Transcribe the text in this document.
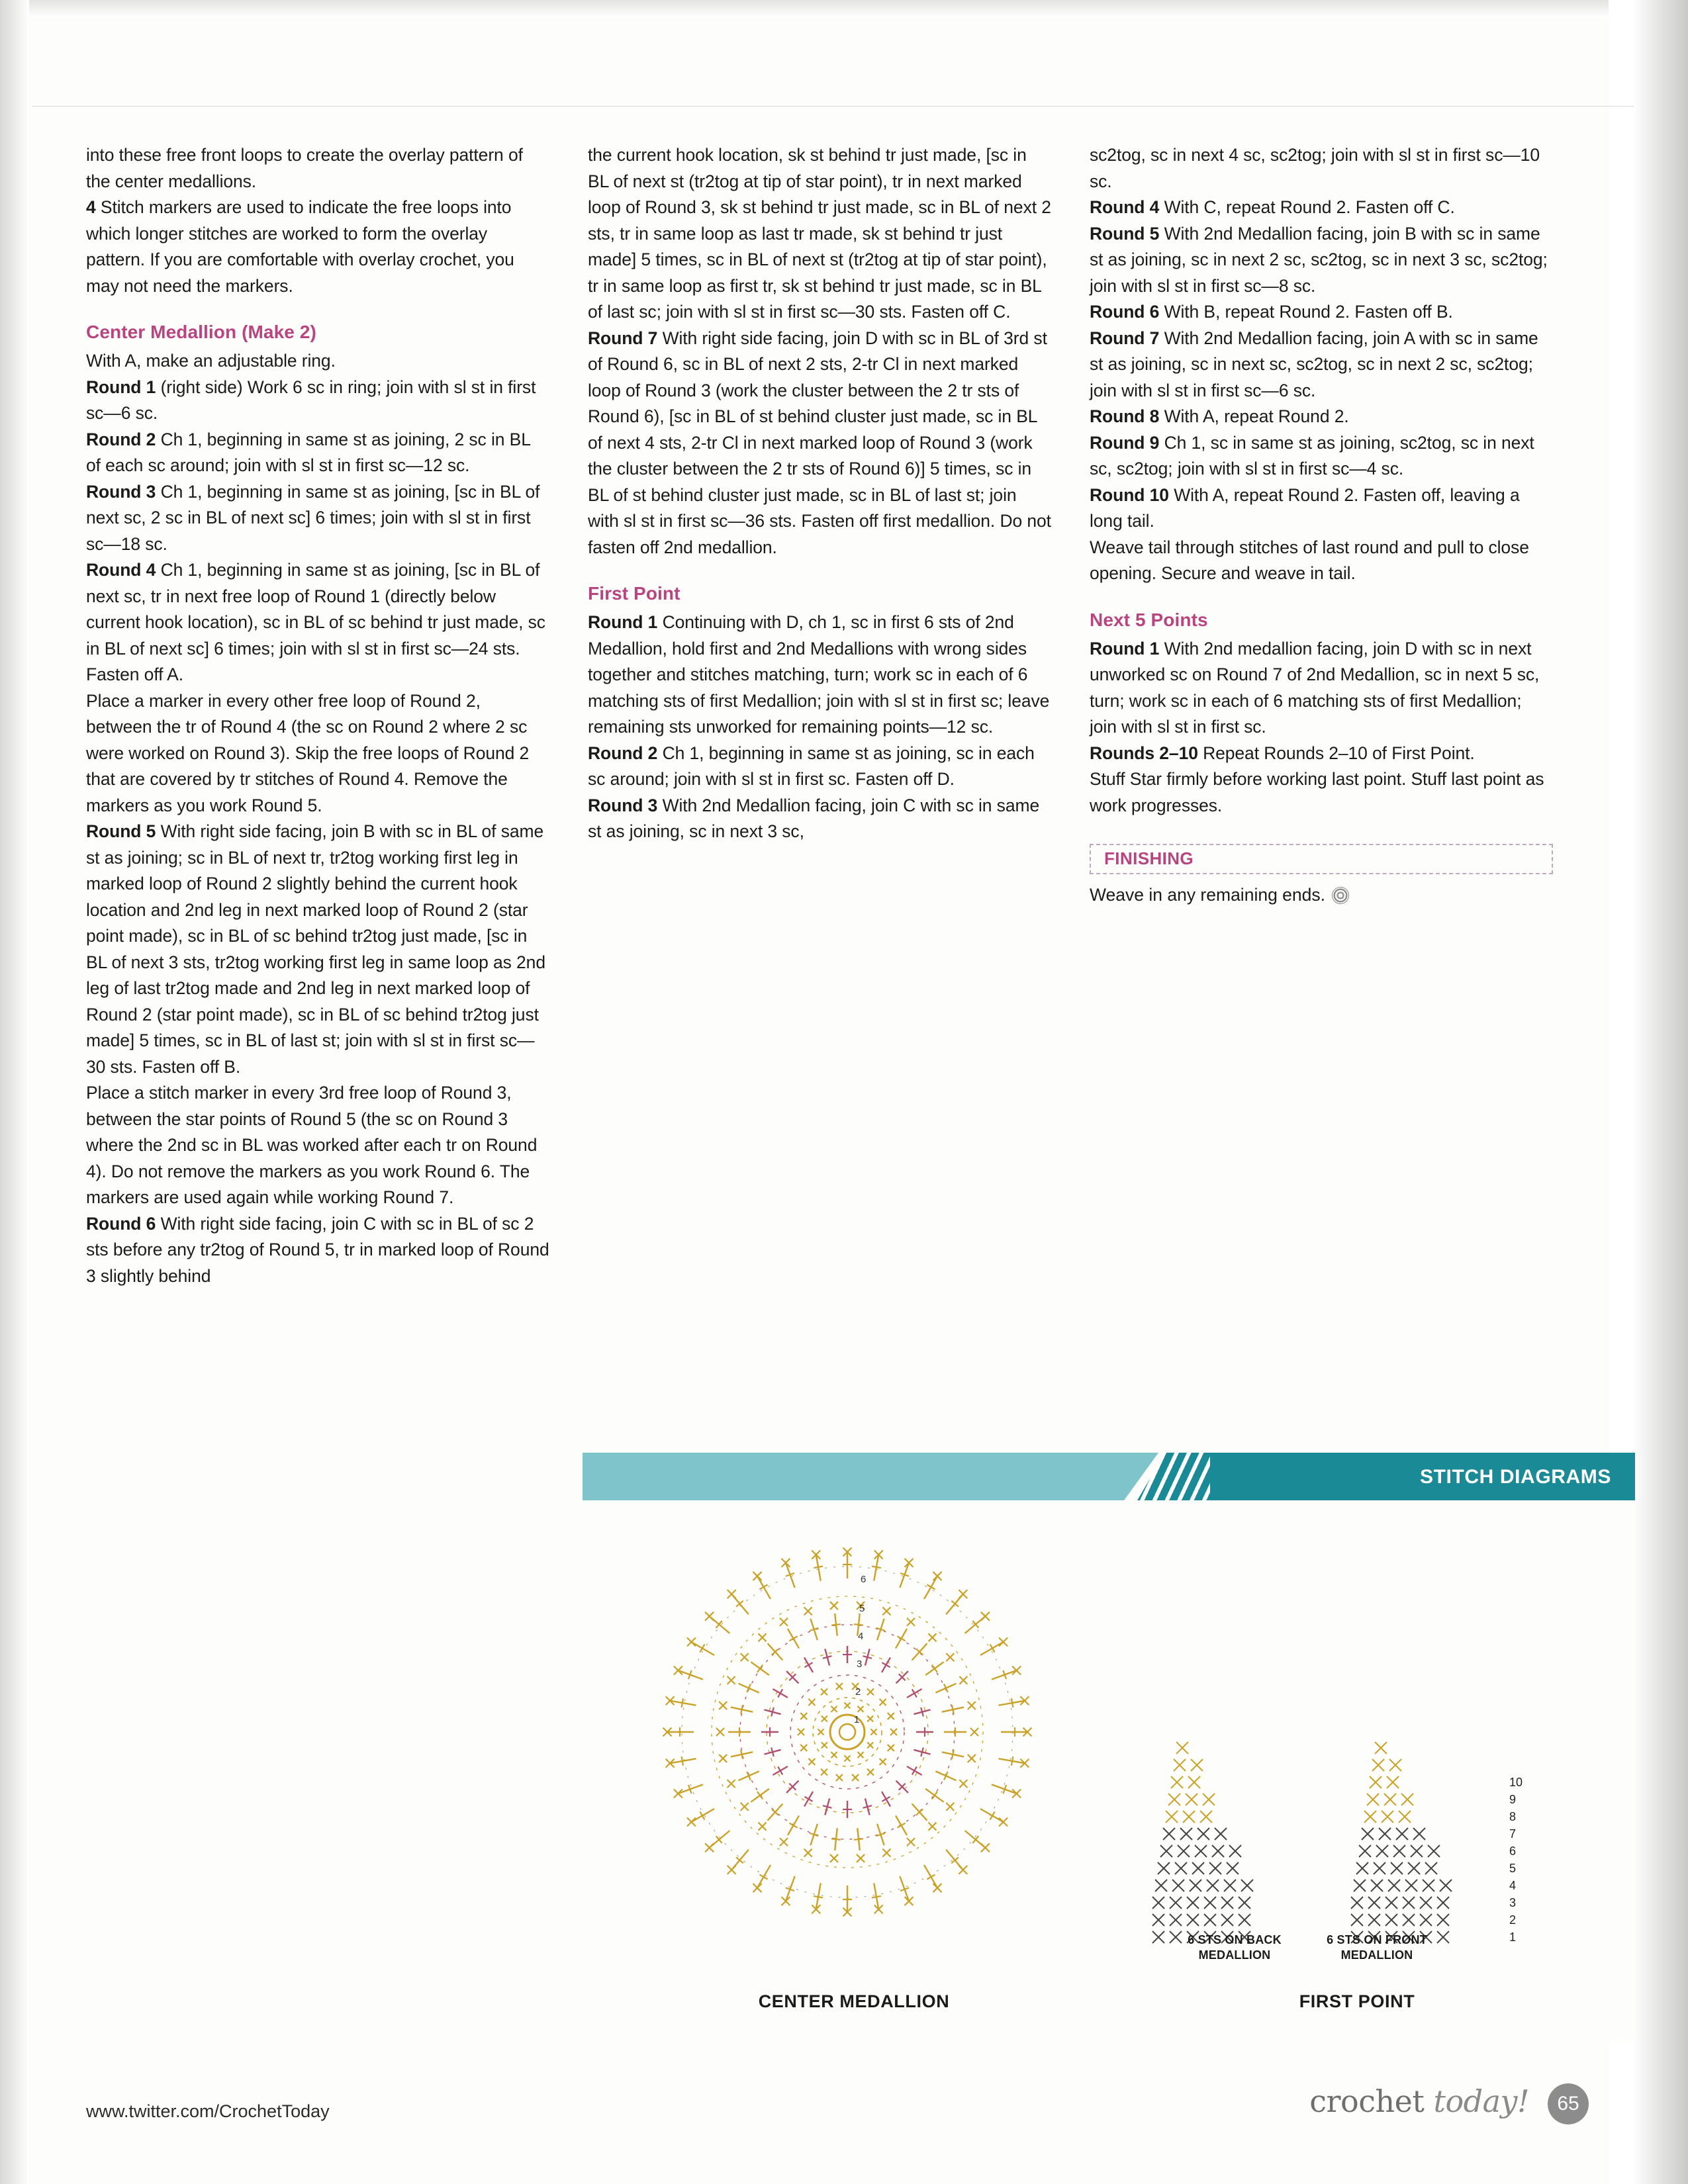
into these free front loops to create the overlay pattern of the center medallions.

4 Stitch markers are used to indicate the free loops into which longer stitches are worked to form the overlay pattern. If you are comfortable with overlay crochet, you may not need the markers.

Center Medallion (Make 2)

With A, make an adjustable ring.

Round 1 (right side) Work 6 sc in ring; join with sl st in first sc—6 sc.

Round 2 Ch 1, beginning in same st as joining, 2 sc in BL of each sc around; join with sl st in first sc—12 sc.

Round 3 Ch 1, beginning in same st as joining, [sc in BL of next sc, 2 sc in BL of next sc] 6 times; join with sl st in first sc—18 sc.

Round 4 Ch 1, beginning in same st as joining, [sc in BL of next sc, tr in next free loop of Round 1 (directly below current hook location), sc in BL of sc behind tr just made, sc in BL of next sc] 6 times; join with sl st in first sc—24 sts. Fasten off A.

Place a marker in every other free loop of Round 2, between the tr of Round 4 (the sc on Round 2 where 2 sc were worked on Round 3). Skip the free loops of Round 2 that are covered by tr stitches of Round 4. Remove the markers as you work Round 5.

Round 5 With right side facing, join B with sc in BL of same st as joining; sc in BL of next tr, tr2tog working first leg in marked loop of Round 2 slightly behind the current hook location and 2nd leg in next marked loop of Round 2 (star point made), sc in BL of sc behind tr2tog just made, [sc in BL of next 3 sts, tr2tog working first leg in same loop as 2nd leg of last tr2tog made and 2nd leg in next marked loop of Round 2 (star point made), sc in BL of sc behind tr2tog just made] 5 times, sc in BL of last st; join with sl st in first sc—30 sts. Fasten off B.

Place a stitch marker in every 3rd free loop of Round 3, between the star points of Round 5 (the sc on Round 3 where the 2nd sc in BL was worked after each tr on Round 4). Do not remove the markers as you work Round 6. The markers are used again while working Round 7.

Round 6 With right side facing, join C with sc in BL of sc 2 sts before any tr2tog of Round 5, tr in marked loop of Round 3 slightly behind

the current hook location, sk st behind tr just made, [sc in BL of next st (tr2tog at tip of star point), tr in next marked loop of Round 3, sk st behind tr just made, sc in BL of next 2 sts, tr in same loop as last tr made, sk st behind tr just made] 5 times, sc in BL of next st (tr2tog at tip of star point), tr in same loop as first tr, sk st behind tr just made, sc in BL of last sc; join with sl st in first sc—30 sts. Fasten off C.

Round 7 With right side facing, join D with sc in BL of 3rd st of Round 6, sc in BL of next 2 sts, 2-tr Cl in next marked loop of Round 3 (work the cluster between the 2 tr sts of Round 6), [sc in BL of st behind cluster just made, sc in BL of next 4 sts, 2-tr Cl in next marked loop of Round 3 (work the cluster between the 2 tr sts of Round 6)] 5 times, sc in BL of st behind cluster just made, sc in BL of last st; join with sl st in first sc—36 sts. Fasten off first medallion. Do not fasten off 2nd medallion.

First Point

Round 1 Continuing with D, ch 1, sc in first 6 sts of 2nd Medallion, hold first and 2nd Medallions with wrong sides together and stitches matching, turn; work sc in each of 6 matching sts of first Medallion; join with sl st in first sc; leave remaining sts unworked for remaining points—12 sc.

Round 2 Ch 1, beginning in same st as joining, sc in each sc around; join with sl st in first sc. Fasten off D.

Round 3 With 2nd Medallion facing, join C with sc in same st as joining, sc in next 3 sc,

sc2tog, sc in next 4 sc, sc2tog; join with sl st in first sc—10 sc.

Round 4 With C, repeat Round 2. Fasten off C.

Round 5 With 2nd Medallion facing, join B with sc in same st as joining, sc in next 2 sc, sc2tog, sc in next 3 sc, sc2tog; join with sl st in first sc—8 sc.

Round 6 With B, repeat Round 2. Fasten off B.

Round 7 With 2nd Medallion facing, join A with sc in same st as joining, sc in next sc, sc2tog, sc in next 2 sc, sc2tog; join with sl st in first sc—6 sc.

Round 8 With A, repeat Round 2.

Round 9 Ch 1, sc in same st as joining, sc2tog, sc in next sc, sc2tog; join with sl st in first sc—4 sc.

Round 10 With A, repeat Round 2. Fasten off, leaving a long tail.

Weave tail through stitches of last round and pull to close opening. Secure and weave in tail.

Next 5 Points

Round 1 With 2nd medallion facing, join D with sc in next unworked sc on Round 7 of 2nd Medallion, sc in next 5 sc, turn; work sc in each of 6 matching sts of first Medallion; join with sl st in first sc.

Rounds 2–10 Repeat Rounds 2–10 of First Point.

Stuff Star firmly before working last point. Stuff last point as work progresses.

FINISHING
Weave in any remaining ends.
STITCH DIAGRAMS
1
2
3
4
5
6
1
2
3
4
5
6
7
8
9
10
CENTER MEDALLION	FIRST POINT
6 STS ON BACK MEDALLION
6 STS ON FRONT MEDALLION
www.twitter.com/CrochetToday	crochet today!	65
